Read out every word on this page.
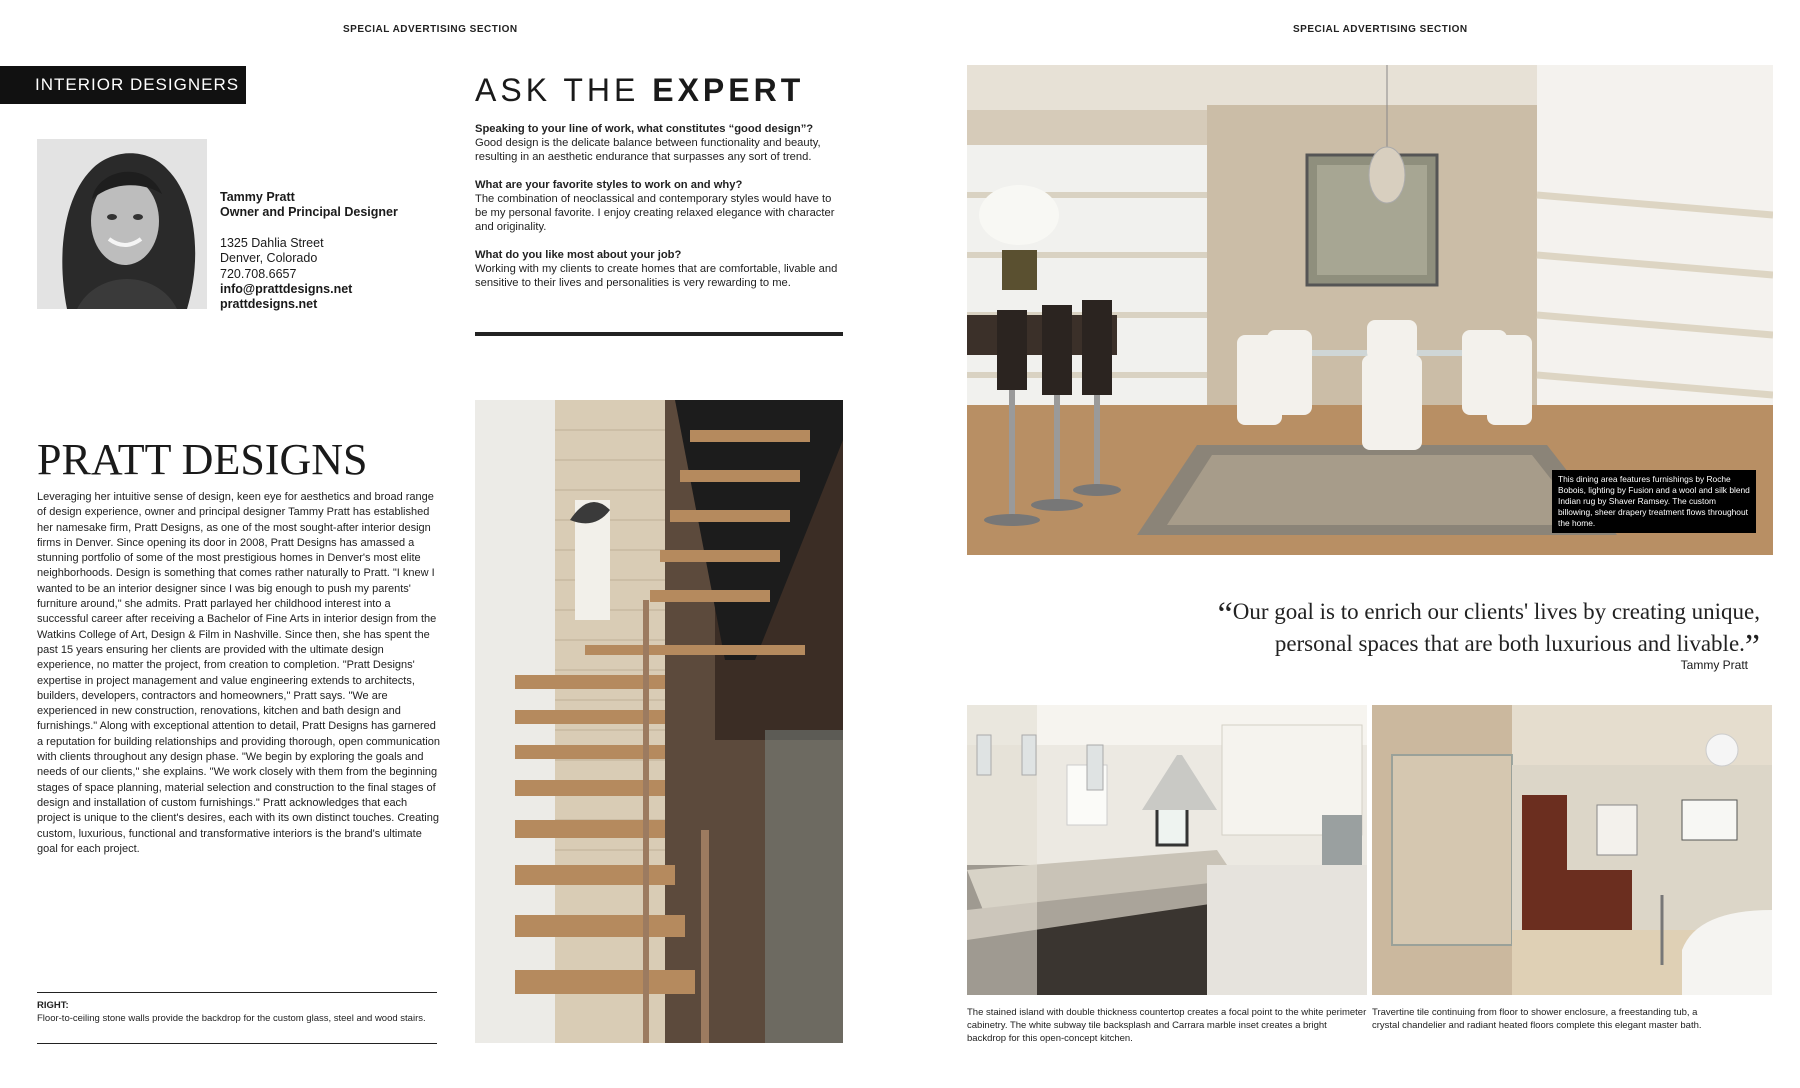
SPECIAL ADVERTISING SECTION	SPECIAL ADVERTISING SECTION
INTERIOR DESIGNERS
Tammy Pratt
Owner and Principal Designer
1325 Dahlia Street
Denver, Colorado
720.708.6657
info@prattdesigns.net
prattdesigns.net
PRATT DESIGNS
Leveraging her intuitive sense of design, keen eye for aesthetics and broad range of design experience, owner and principal designer Tammy Pratt has established her namesake firm, Pratt Designs, as one of the most sought-after interior design firms in Denver. Since opening its door in 2008, Pratt Designs has amassed a stunning portfolio of some of the most prestigious homes in Denver's most elite neighborhoods. Design is something that comes rather naturally to Pratt. "I knew I wanted to be an interior designer since I was big enough to push my parents' furniture around," she admits. Pratt parlayed her childhood interest into a successful career after receiving a Bachelor of Fine Arts in interior design from the Watkins College of Art, Design & Film in Nashville. Since then, she has spent the past 15 years ensuring her clients are provided with the ultimate design experience, no matter the project, from creation to completion. "Pratt Designs' expertise in project management and value engineering extends to architects, builders, developers, contractors and homeowners," Pratt says. "We are experienced in new construction, renovations, kitchen and bath design and furnishings." Along with exceptional attention to detail, Pratt Designs has garnered a reputation for building relationships and providing thorough, open communication with clients throughout any design phase. "We begin by exploring the goals and needs of our clients," she explains. "We work closely with them from the beginning stages of space planning, material selection and construction to the final stages of design and installation of custom furnishings." Pratt acknowledges that each project is unique to the client's desires, each with its own distinct touches. Creating custom, luxurious, functional and transformative interiors is the brand's ultimate goal for each project.
RIGHT:
Floor-to-ceiling stone walls provide the backdrop for the custom glass, steel and wood stairs.
ASK THE EXPERT
Speaking to your line of work, what constitutes “good design”?
Good design is the delicate balance between functionality and beauty, resulting in an aesthetic endurance that surpasses any sort of trend.
What are your favorite styles to work on and why?
The combination of neoclassical and contemporary styles would have to be my personal favorite. I enjoy creating relaxed elegance with character and originality.
What do you like most about your job?
Working with my clients to create homes that are comfortable, livable and sensitive to their lives and personalities is very rewarding to me.
This dining area features furnishings by Roche Bobois, lighting by Fusion and a wool and silk blend Indian rug by Shaver Ramsey. The custom billowing, sheer drapery treatment flows throughout the home.
“Our goal is to enrich our clients' lives by creating unique,
personal spaces that are both luxurious and livable.”
Tammy Pratt
The stained island with double thickness countertop creates a focal point to the white perimeter cabinetry. The white subway tile backsplash and Carrara marble inset creates a bright backdrop for this open-concept kitchen.
Travertine tile continuing from floor to shower enclosure, a freestanding tub, a crystal chandelier and radiant heated floors complete this elegant master bath.
